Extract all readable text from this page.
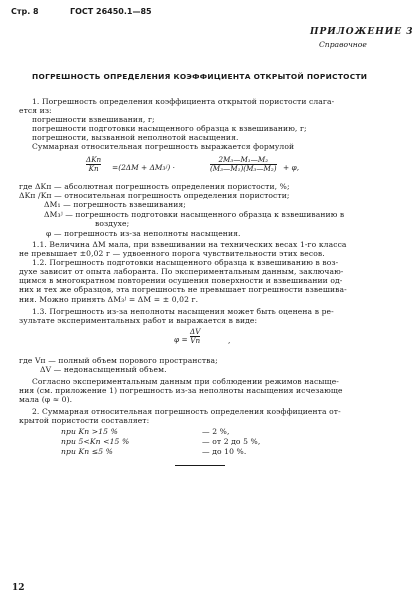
Стр. 8	ГОСТ 26450.1—85
ПРИЛОЖЕНИЕ 3
Справочное
ПОГРЕШНОСТЬ ОПРЕДЕЛЕНИЯ КОЭФФИЦИЕНТА ОТКРЫТОЙ ПОРИСТОСТИ
1. Погрешность определения коэффициента открытой пористости слага-
ется из:
погрешности взвешивания, г;
погрешности подготовки насыщенного образца к взвешиванию, г;
погрешности, вызванной неполнотой насыщения.
Суммарная относительная погрешность выражается формулой
ΔKп
Kп =(2ΔM + ΔM₃ʲ) ·
2M₃—M₁—M₂
(M₃—M₁)(M₃—M₂) + φ,
где ΔKп — абсолютная погрешность определения пористости, %;
ΔKп /Kп — относительная погрешность определения пористости;
ΔM₁ — погрешность взвешивания;
ΔM₃ʲ — погрешность подготовки насыщенного образца к взвешиванию в
воздухе;
φ — погрешность из-за неполноты насыщения.
1.1. Величина ΔM мала, при взвешивании на технических весах 1-го класса
не превышает ±0,02 г — удвоенного порога чувствительности этих весов.
1.2. Погрешность подготовки насыщенного образца к взвешиванию в воз-
духе зависит от опыта лаборанта. По экспериментальным данным, заключаю-
щимся в многократном повторении осушения поверхности и взвешивании од-
них и тех же образцов, эта погрешность не превышает погрешности взвешива-
ния. Можно принять ΔM₃ʲ = ΔM = ± 0,02 г.
1.3. Погрешность из-за неполноты насыщения может быть оценена в ре-
зультате экспериментальных работ и выражается в виде:
φ =
ΔV
Vп	,
где Vп — полный объем порового пространства;
ΔV — недонасыщенный объем.
Согласно экспериментальным данным при соблюдении режимов насыще-
ния (см. приложение 1) погрешность из-за неполноты насыщения исчезающе
мала (φ ≈ 0).
2. Суммарная относительная погрешность определения коэффициента от-
крытой пористости составляет:
при Kп >15 %	— 2 %,
при 5<Kп <15 %	— от 2 до 5 %,
при Kп ≤5 %	— до 10 %.
12
